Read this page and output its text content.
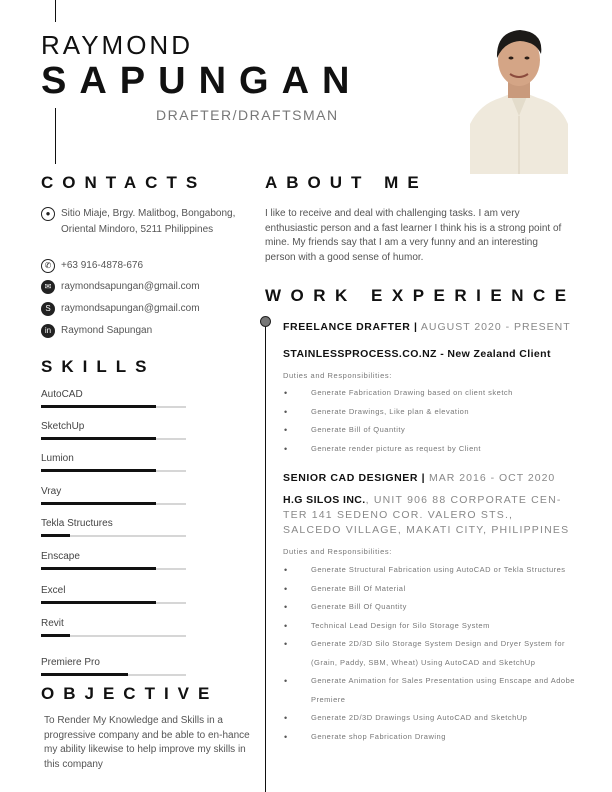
RAYMOND
SAPUNGAN
DRAFTER/DRAFTSMAN
CONTACTS
●	Sitio Miaje, Brgy. Malitbog, Bongabong, Oriental Mindoro, 5211 Philippines
✆ +63 916-4878-676
✉ raymondsapungan@gmail.com
S	raymondsapungan@gmail.com
in Raymond Sapungan
SKILLS
AutoCAD
SketchUp
Lumion
Vray
Tekla Structures
Enscape
Excel
Revit
Premiere Pro
OBJECTIVE
To Render My Knowledge and Skills in a progressive company and be able to en-hance my ability likewise to help improve my skills in this company
ABOUT ME
I like to receive and deal with challenging tasks. I am very enthusiastic person and a fast learner I think his is a strong point of mine. My friends say that I am a very funny and an interesting person with a good sense of humor.
WORK EXPERIENCE
FREELANCE DRAFTER | AUGUST 2020 - PRESENT
STAINLESSPROCESS.CO.NZ - New Zealand Client
Duties and Responsibilities:
• Generate Fabrication Drawing based on client sketch
• Generate Drawings, Like plan & elevation
• Generate Bill of Quantity
• Generate render picture as request by Client
SENIOR CAD DESIGNER | MAR 2016 - OCT 2020
H.G SILOS INC., UNIT 906 88 CORPORATE CEN-TER 141 SEDENO COR. VALERO STS., SALCEDO VILLAGE, MAKATI CITY, PHILIPPINES
Duties and Responsibilities:
• Generate Structural Fabrication using AutoCAD or Tekla Structures
• Generate Bill Of Material
• Generate Bill Of Quantity
• Technical Lead Design for Silo Storage System
• Generate 2D/3D Silo Storage System Design and Dryer System for (Grain, Paddy, SBM, Wheat) Using AutoCAD and SketchUp
• Generate Animation for Sales Presentation using Enscape and Adobe Premiere
• Generate 2D/3D Drawings Using AutoCAD and SketchUp
• Generate shop Fabrication Drawing
